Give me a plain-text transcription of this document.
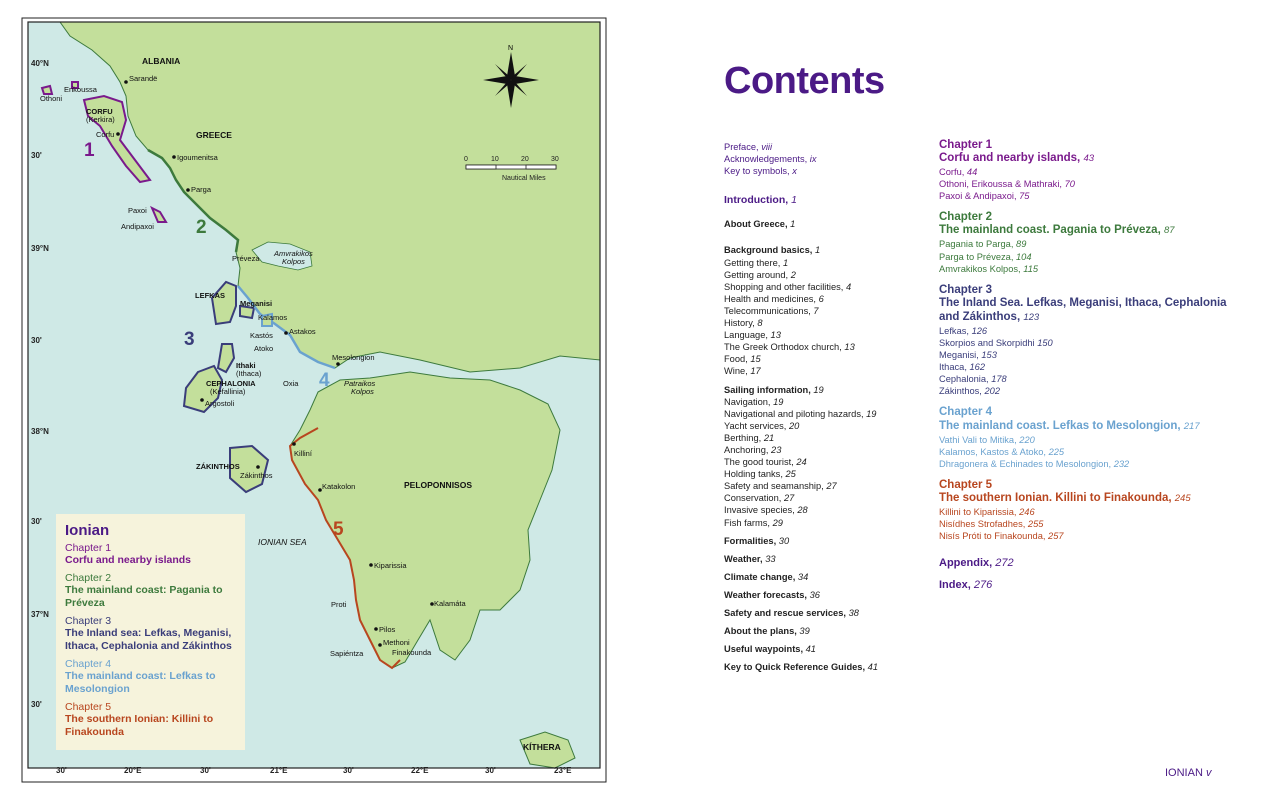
40°N
30'
39°N
30'
38°N
30'
37°N
30'
30'	20°E	30'	21°E	30'	22°E	30'	23°E
N
0	10	20	30
Nautical Miles
ALBANIA
GREECE
PELOPONNISOS
KÍTHERA
IONIAN SEA
Sarandë
Erikoussa
Othoni
CORFU
(Kerkira)
Corfu
Igoumenitsa
Parga
Paxoi
Andipaxoi
Préveza
Amvrakikos
Kolpos
LEFKAS
Meganisi
Kalamos
Kastós
Atoko
Astakos
Ithaki
(Ithaca)
CEPHALONIA
(Kefallinia)
Argostoli
Oxia
Mesolongion
Patraikos
Kolpos
ZÁKINTHOS
Zákinthos
Killiní
Katakolon
Kiparissia
Kalamáta
Proti
Pilos
Methoni
Sapiéntza	Finakounda
1
2
3
4
5
Ionian
Chapter 1
Corfu and nearby islands
Chapter 2
The mainland coast: Pagania to Préveza
Chapter 3
The Inland sea: Lefkas, Meganisi, Ithaca, Cephalonia and Zákinthos
Chapter 4
The mainland coast: Lefkas to Mesolongion
Chapter 5
The southern Ionian: Killini to Finakounda
Contents
Preface, viii
Acknowledgements, ix
Key to symbols, x
Introduction, 1
About Greece, 1
Background basics, 1
Getting there, 1
Getting around, 2
Shopping and other facilities, 4
Health and medicines, 6
Telecommunications, 7
History, 8
Language, 13
The Greek Orthodox church, 13
Food, 15
Wine, 17
Sailing information, 19
Navigation, 19
Navigational and piloting hazards, 19
Yacht services, 20
Berthing, 21
Anchoring, 23
The good tourist, 24
Holding tanks, 25
Safety and seamanship, 27
Conservation, 27
Invasive species, 28
Fish farms, 29
Formalities, 30
Weather, 33
Climate change, 34
Weather forecasts, 36
Safety and rescue services, 38
About the plans, 39
Useful waypoints, 41
Key to Quick Reference Guides, 41
Chapter 1
Corfu and nearby islands, 43
Corfu, 44
Othoni, Erikoussa & Mathraki, 70
Paxoi & Andipaxoi, 75
Chapter 2
The mainland coast. Pagania to Préveza, 87
Pagania to Parga, 89
Parga to Préveza, 104
Amvrakikos Kolpos, 115
Chapter 3
The Inland Sea. Lefkas, Meganisi, Ithaca, Cephalonia and Zákinthos, 123
Lefkas, 126
Skorpios and Skorpidhi 150
Meganisi, 153
Ithaca, 162
Cephalonia, 178
Zákinthos, 202
Chapter 4
The mainland coast. Lefkas to Mesolongion, 217
Vathi Vali to Mitika, 220
Kalamos, Kastos & Atoko, 225
Dhragonera & Echinades to Mesolongion, 232
Chapter 5
The southern Ionian. Killini to Finakounda, 245
Killini to Kiparissia, 246
Nisídhes Strofadhes, 255
Nisís Próti to Finakounda, 257
Appendix, 272
Index, 276
IONIAN v
